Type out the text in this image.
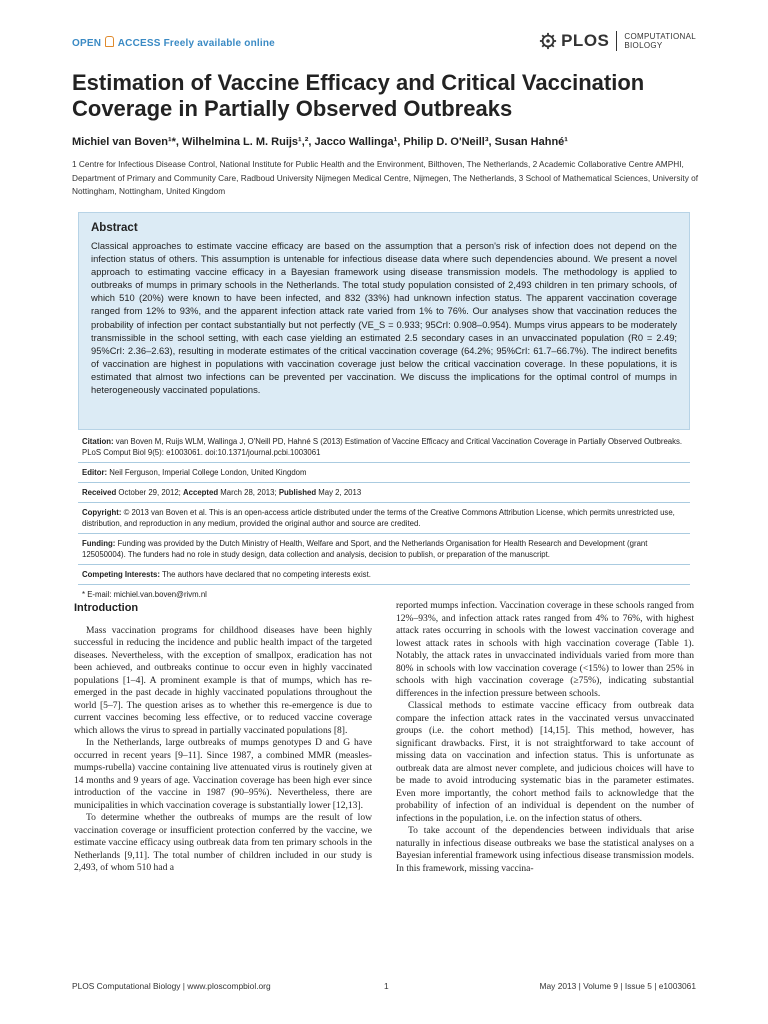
OPEN ACCESS Freely available online	PLOS COMPUTATIONAL
BIOLOGY
Estimation of Vaccine Efficacy and Critical Vaccination
Coverage in Partially Observed Outbreaks
Michiel van Boven¹*, Wilhelmina L. M. Ruijs¹,², Jacco Wallinga¹, Philip D. O'Neill³, Susan Hahné¹
1 Centre for Infectious Disease Control, National Institute for Public Health and the Environment, Bilthoven, The Netherlands, 2 Academic Collaborative Centre AMPHI, Department of Primary and Community Care, Radboud University Nijmegen Medical Centre, Nijmegen, The Netherlands, 3 School of Mathematical Sciences, University of Nottingham, Nottingham, United Kingdom
Abstract
Classical approaches to estimate vaccine efficacy are based on the assumption that a person's risk of infection does not depend on the infection status of others. This assumption is untenable for infectious disease data where such dependencies abound. We present a novel approach to estimating vaccine efficacy in a Bayesian framework using disease transmission models. The methodology is applied to outbreaks of mumps in primary schools in the Netherlands. The total study population consisted of 2,493 children in ten primary schools, of which 510 (20%) were known to have been infected, and 832 (33%) had unknown infection status. The apparent vaccination coverage ranged from 12% to 93%, and the apparent infection attack rate varied from 1% to 76%. Our analyses show that vaccination reduces the probability of infection per contact substantially but not perfectly (VE_S = 0.933; 95CrI: 0.908–0.954). Mumps virus appears to be moderately transmissible in the school setting, with each case yielding an estimated 2.5 secondary cases in an unvaccinated population (R0 = 2.49; 95%CrI: 2.36–2.63), resulting in moderate estimates of the critical vaccination coverage (64.2%; 95%CrI: 61.7–66.7%). The indirect benefits of vaccination are highest in populations with vaccination coverage just below the critical vaccination coverage. In these populations, it is estimated that almost two infections can be prevented per vaccination. We discuss the implications for the optimal control of mumps in heterogeneously vaccinated populations.

Citation: van Boven M, Ruijs WLM, Wallinga J, O'Neill PD, Hahné S (2013) Estimation of Vaccine Efficacy and Critical Vaccination Coverage in Partially Observed Outbreaks. PLoS Comput Biol 9(5): e1003061. doi:10.1371/journal.pcbi.1003061

Editor: Neil Ferguson, Imperial College London, United Kingdom

Received October 29, 2012; Accepted March 28, 2013; Published May 2, 2013

Copyright: © 2013 van Boven et al. This is an open-access article distributed under the terms of the Creative Commons Attribution License, which permits unrestricted use, distribution, and reproduction in any medium, provided the original author and source are credited.

Funding: Funding was provided by the Dutch Ministry of Health, Welfare and Sport, and the Netherlands Organisation for Health Research and Development (grant 125050004). The funders had no role in study design, data collection and analysis, decision to publish, or preparation of the manuscript.

Competing Interests: The authors have declared that no competing interests exist.

* E-mail: michiel.van.boven@rivm.nl

Introduction

Mass vaccination programs for childhood diseases have been highly successful in reducing the incidence and public health impact of the targeted diseases. Nevertheless, with the exception of smallpox, eradication has not been achieved, and outbreaks continue to occur even in highly vaccinated populations [1–4]. A prominent example is that of mumps, which has re-emerged in the past decade in highly vaccinated populations throughout the world [5–7]. The question arises as to whether this re-emergence is due to current vaccines becoming less effective, or to reduced vaccine coverage which allows the virus to spread in partially vaccinated populations [8].

In the Netherlands, large outbreaks of mumps genotypes D and G have occurred in recent years [9–11]. Since 1987, a combined MMR (measles-mumps-rubella) vaccine containing live attenuated virus is routinely given at 14 months and 9 years of age. Vaccination coverage has been high ever since introduction of the vaccine in 1987 (90–95%). Nevertheless, there are municipalities in which vaccination coverage is substantially lower [12,13].

To determine whether the outbreaks of mumps are the result of low vaccination coverage or insufficient protection conferred by the vaccine, we estimate vaccine efficacy using outbreak data from ten primary schools in the Netherlands [9,11]. The total number of children included in our study is 2,493, of whom 510 had a

reported mumps infection. Vaccination coverage in these schools ranged from 12%–93%, and infection attack rates ranged from 4% to 76%, with highest attack rates occurring in schools with the lowest vaccination coverage and lowest attack rates in schools with high vaccination coverage (Table 1). Notably, the attack rates in unvaccinated individuals varied from more than 80% in schools with low vaccination coverage (<15%) to lower than 25% in schools with high vaccination coverage (≥75%), indicating substantial differences in the infection pressure between schools.

Classical methods to estimate vaccine efficacy from outbreak data compare the infection attack rates in the vaccinated versus unvaccinated groups (i.e. the cohort method) [14,15]. This method, however, has significant drawbacks. First, it is not straightforward to take account of missing data on vaccination and infection status. This is unfortunate as outbreak data are almost never complete, and judicious choices will have to be made to avoid introducing systematic bias in the parameter estimates. Even more importantly, the cohort method fails to acknowledge that the probability of infection of an individual is dependent on the number of infections in the population, i.e. on the infection status of others.

To take account of the dependencies between individuals that arise naturally in infectious disease outbreaks we base the statistical analyses on a Bayesian inferential framework using infectious disease transmission models. In this framework, missing vaccina-

PLOS Computational Biology | www.ploscompbiol.org	1	May 2013 | Volume 9 | Issue 5 | e1003061
